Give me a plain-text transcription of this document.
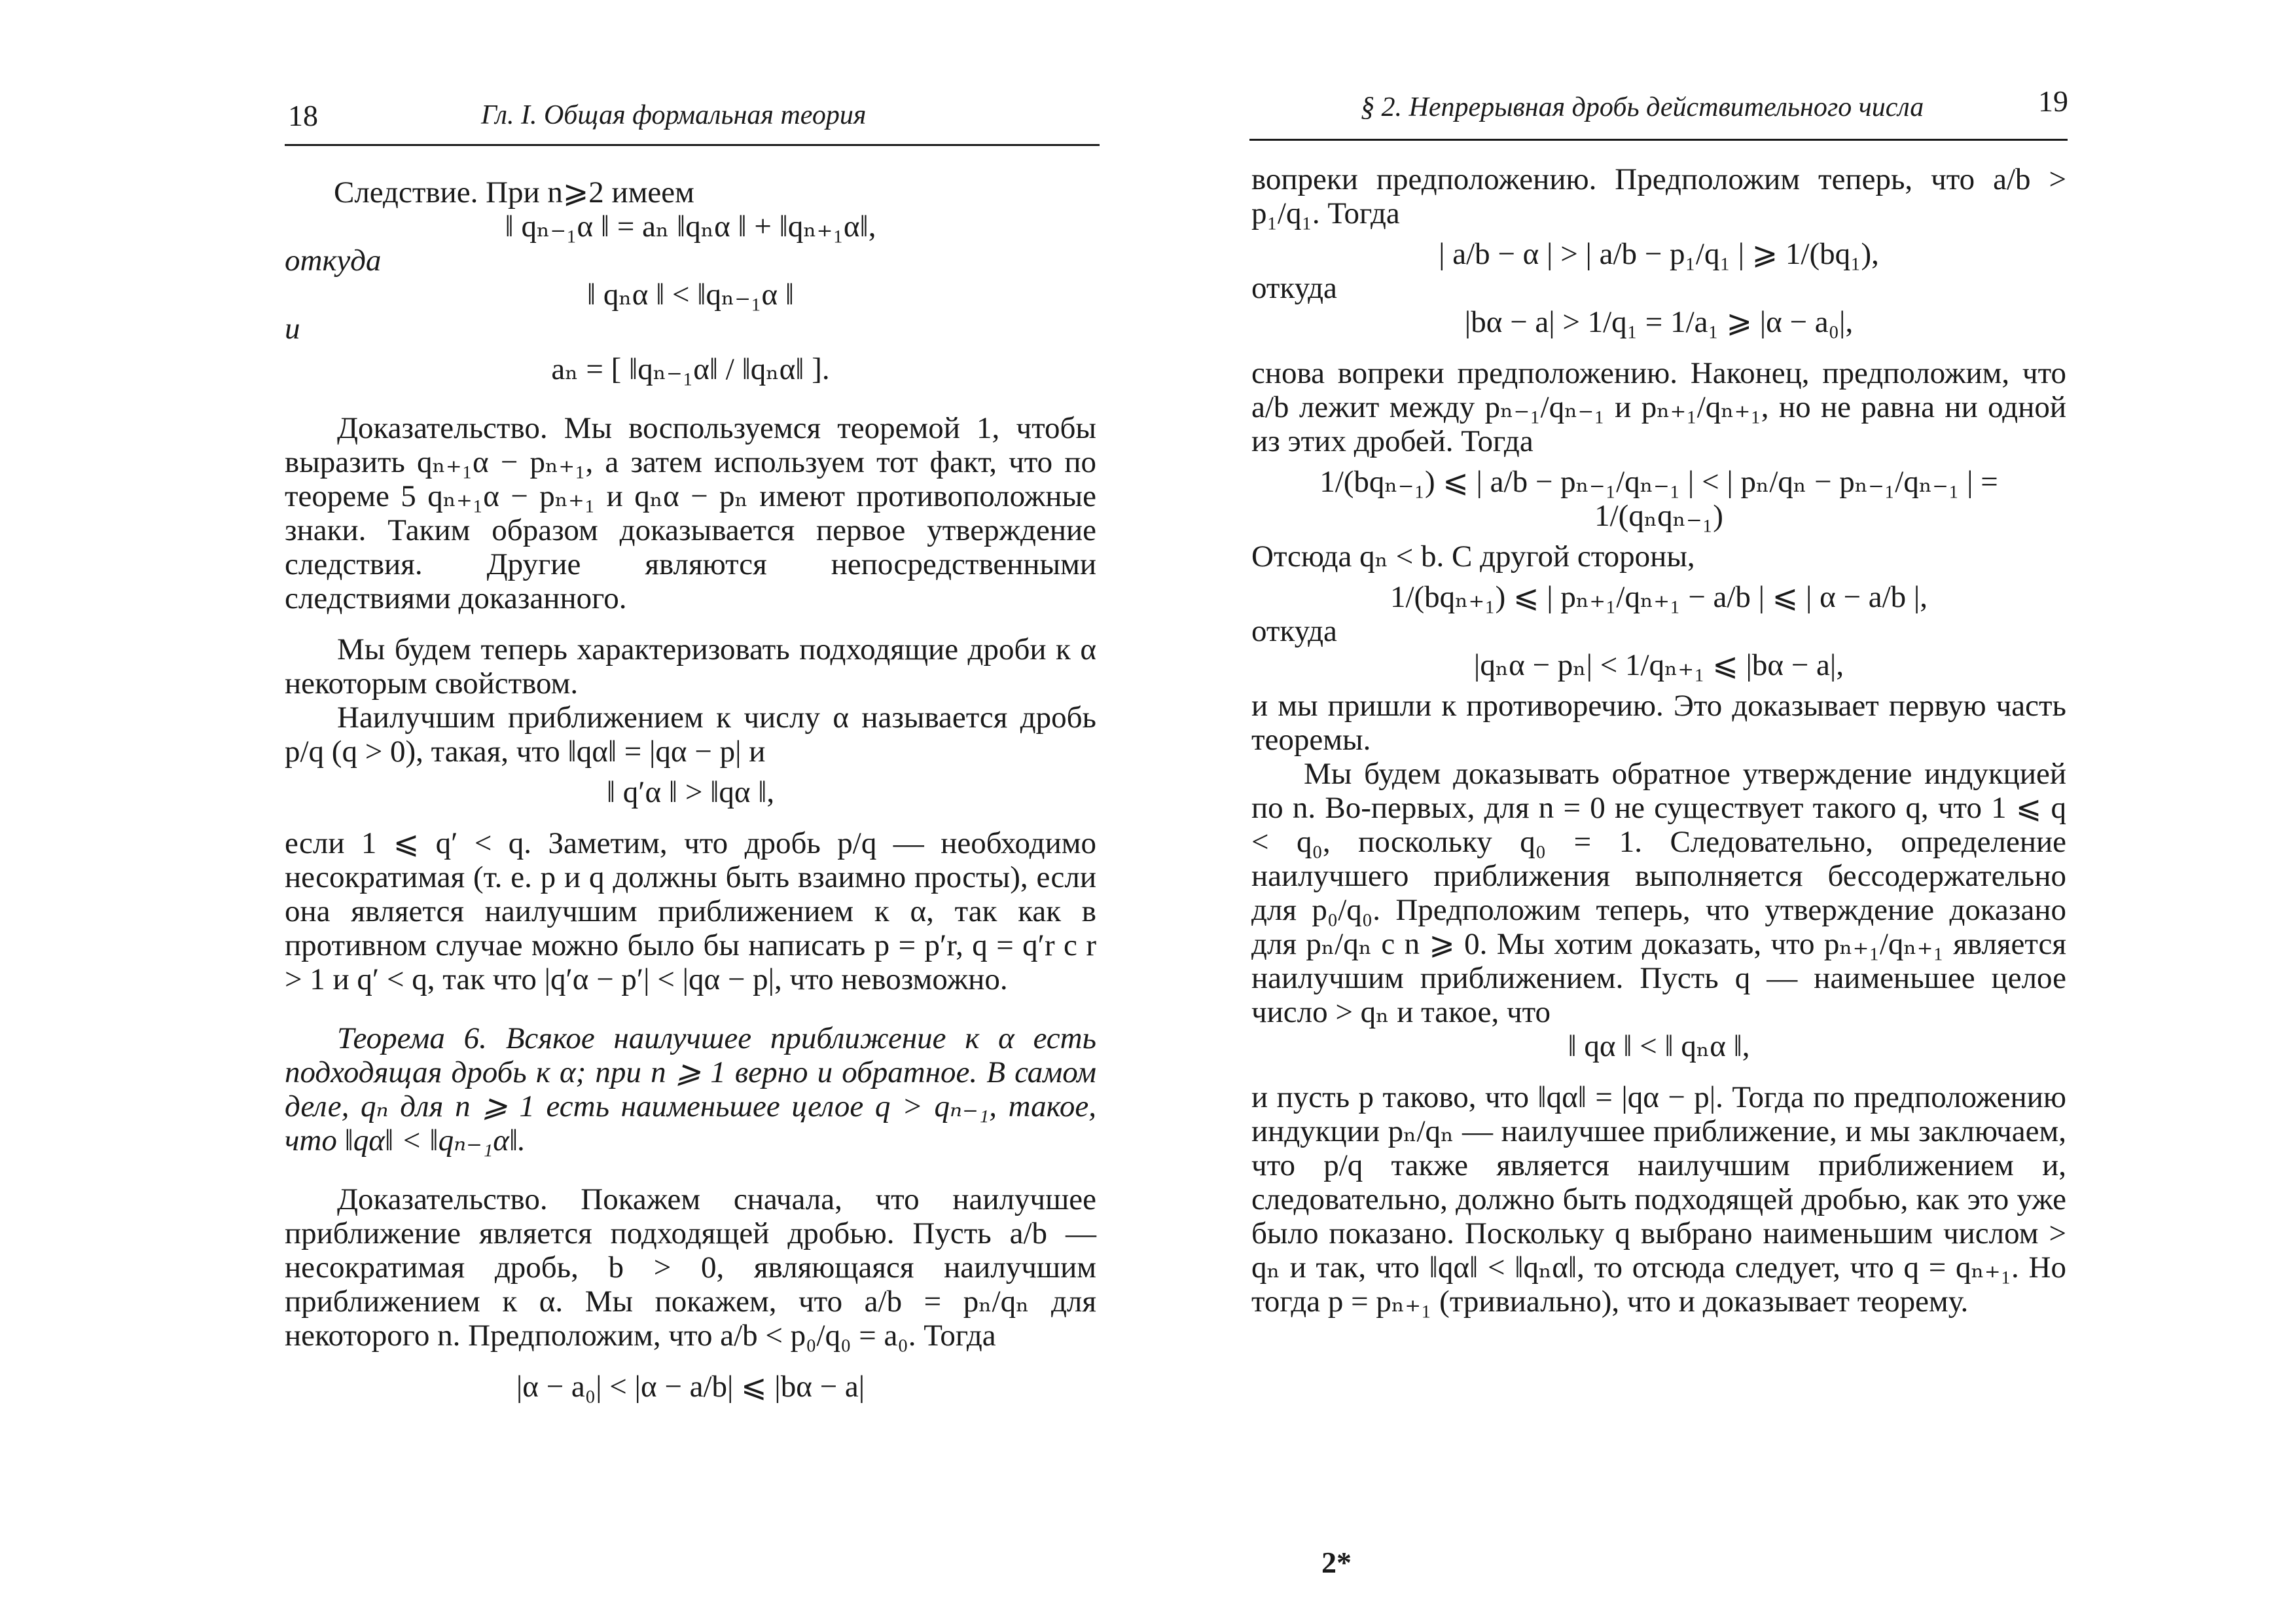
18	Гл. I. Общая формальная теория

Следствие. При n⩾2 имеем

‖ qₙ₋₁α ‖ = aₙ ‖qₙα ‖ + ‖qₙ₊₁α‖,

откуда

‖ qₙα ‖ < ‖qₙ₋₁α ‖

и

aₙ = [ ‖qₙ₋₁α‖ / ‖qₙα‖ ].

Доказательство. Мы воспользуемся теоремой 1, чтобы выразить qₙ₊₁α − pₙ₊₁, а затем используем тот факт, что по теореме 5 qₙ₊₁α − pₙ₊₁ и qₙα − pₙ имеют противоположные знаки. Таким образом доказывается первое утверждение следствия. Другие являются непосредственными следствиями доказанного.

Мы будем теперь характеризовать подходящие дроби к α некоторым свойством.

Наилучшим приближением к числу α называется дробь p/q (q > 0), такая, что ‖qα‖ = |qα − p| и

‖ q′α ‖ > ‖qα ‖,

если 1 ⩽ q′ < q. Заметим, что дробь p/q — необходимо несократимая (т. е. p и q должны быть взаимно просты), если она является наилучшим приближением к α, так как в противном случае можно было бы написать p = p′r, q = q′r с r > 1 и q′ < q, так что |q′α − p′| < |qα − p|, что невозможно.

Теорема 6. Всякое наилучшее приближение к α есть подходящая дробь к α; при n ⩾ 1 верно и обратное. В самом деле, qₙ для n ⩾ 1 есть наименьшее целое q > qₙ₋₁, такое, что ‖qα‖ < ‖qₙ₋₁α‖.

Доказательство. Покажем сначала, что наилучшее приближение является подходящей дробью. Пусть a/b — несократимая дробь, b > 0, являющаяся наилучшим приближением к α. Мы покажем, что a/b = pₙ/qₙ для некоторого n. Предположим, что a/b < p₀/q₀ = a₀. Тогда

|α − a₀| < |α − a/b| ⩽ |bα − a|

§ 2. Непрерывная дробь действительного числа	19

вопреки предположению. Предположим теперь, что a/b > p₁/q₁. Тогда

| a/b − α | > | a/b − p₁/q₁ | ⩾ 1/(bq₁),

откуда

|bα − a| > 1/q₁ = 1/a₁ ⩾ |α − a₀|,

снова вопреки предположению. Наконец, предположим, что a/b лежит между pₙ₋₁/qₙ₋₁ и pₙ₊₁/qₙ₊₁, но не равна ни одной из этих дробей. Тогда

1/(bqₙ₋₁) ⩽ | a/b − pₙ₋₁/qₙ₋₁ | < | pₙ/qₙ − pₙ₋₁/qₙ₋₁ | = 1/(qₙqₙ₋₁)

Отсюда qₙ < b. С другой стороны,

1/(bqₙ₊₁) ⩽ | pₙ₊₁/qₙ₊₁ − a/b | ⩽ | α − a/b |,

откуда

|qₙα − pₙ| < 1/qₙ₊₁ ⩽ |bα − a|,

и мы пришли к противоречию. Это доказывает первую часть теоремы.

Мы будем доказывать обратное утверждение индукцией по n. Во-первых, для n = 0 не существует такого q, что 1 ⩽ q < q₀, поскольку q₀ = 1. Следовательно, определение наилучшего приближения выполняется бессодержательно для p₀/q₀. Предположим теперь, что утверждение доказано для pₙ/qₙ с n ⩾ 0. Мы хотим доказать, что pₙ₊₁/qₙ₊₁ является наилучшим приближением. Пусть q — наименьшее целое число > qₙ и такое, что

‖ qα ‖ < ‖ qₙα ‖,

и пусть p таково, что ‖qα‖ = |qα − p|. Тогда по предположению индукции pₙ/qₙ — наилучшее приближение, и мы заключаем, что p/q также является наилучшим приближением и, следовательно, должно быть подходящей дробью, как это уже было показано. Поскольку q выбрано наименьшим числом > qₙ и так, что ‖qα‖ < ‖qₙα‖, то отсюда следует, что q = qₙ₊₁. Но тогда p = pₙ₊₁ (тривиально), что и доказывает теорему.

2*
